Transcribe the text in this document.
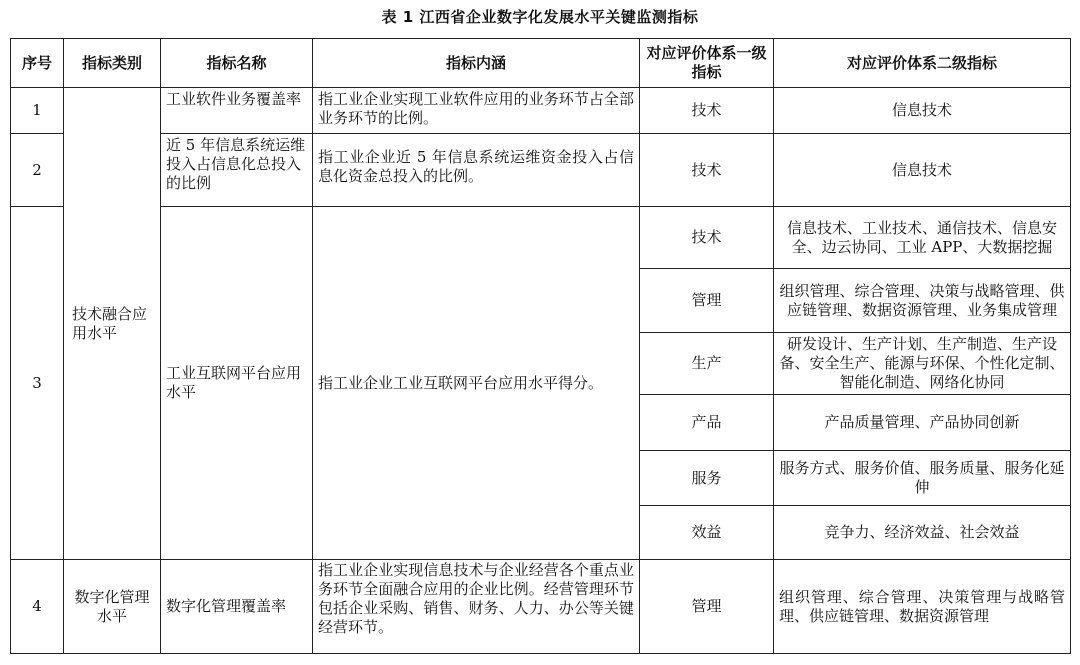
表 1 江西省企业数字化发展水平关键监测指标
序号	指标类别	指标名称	指标内涵	对应评价体系一级指标	对应评价体系二级指标
1	技术融合应用水平	工业软件业务覆盖率	指工业企业实现工业软件应用的业务环节占全部业务环节的比例。	技术	信息技术
2		近 5 年信息系统运维投入占信息化总投入的比例	指工业企业近 5 年信息系统运维资金投入占信息化资金总投入的比例。	技术	信息技术
3		工业互联网平台应用水平	指工业企业工业互联网平台应用水平得分。	技术	信息技术、工业技术、通信技术、信息安全、边云协同、工业 APP、大数据挖掘
				管理	组织管理、综合管理、决策与战略管理、供应链管理、数据资源管理、业务集成管理
				生产	研发设计、生产计划、生产制造、生产设备、安全生产、能源与环保、个性化定制、智能化制造、网络化协同
				产品	产品质量管理、产品协同创新
				服务	服务方式、服务价值、服务质量、服务化延伸
				效益	竞争力、经济效益、社会效益
4	数字化管理水平	数字化管理覆盖率	指工业企业实现信息技术与企业经营各个重点业务环节全面融合应用的企业比例。经营管理环节包括企业采购、销售、财务、人力、办公等关键经营环节。	管理	组织管理、综合管理、决策管理与战略管理、供应链管理、数据资源管理
